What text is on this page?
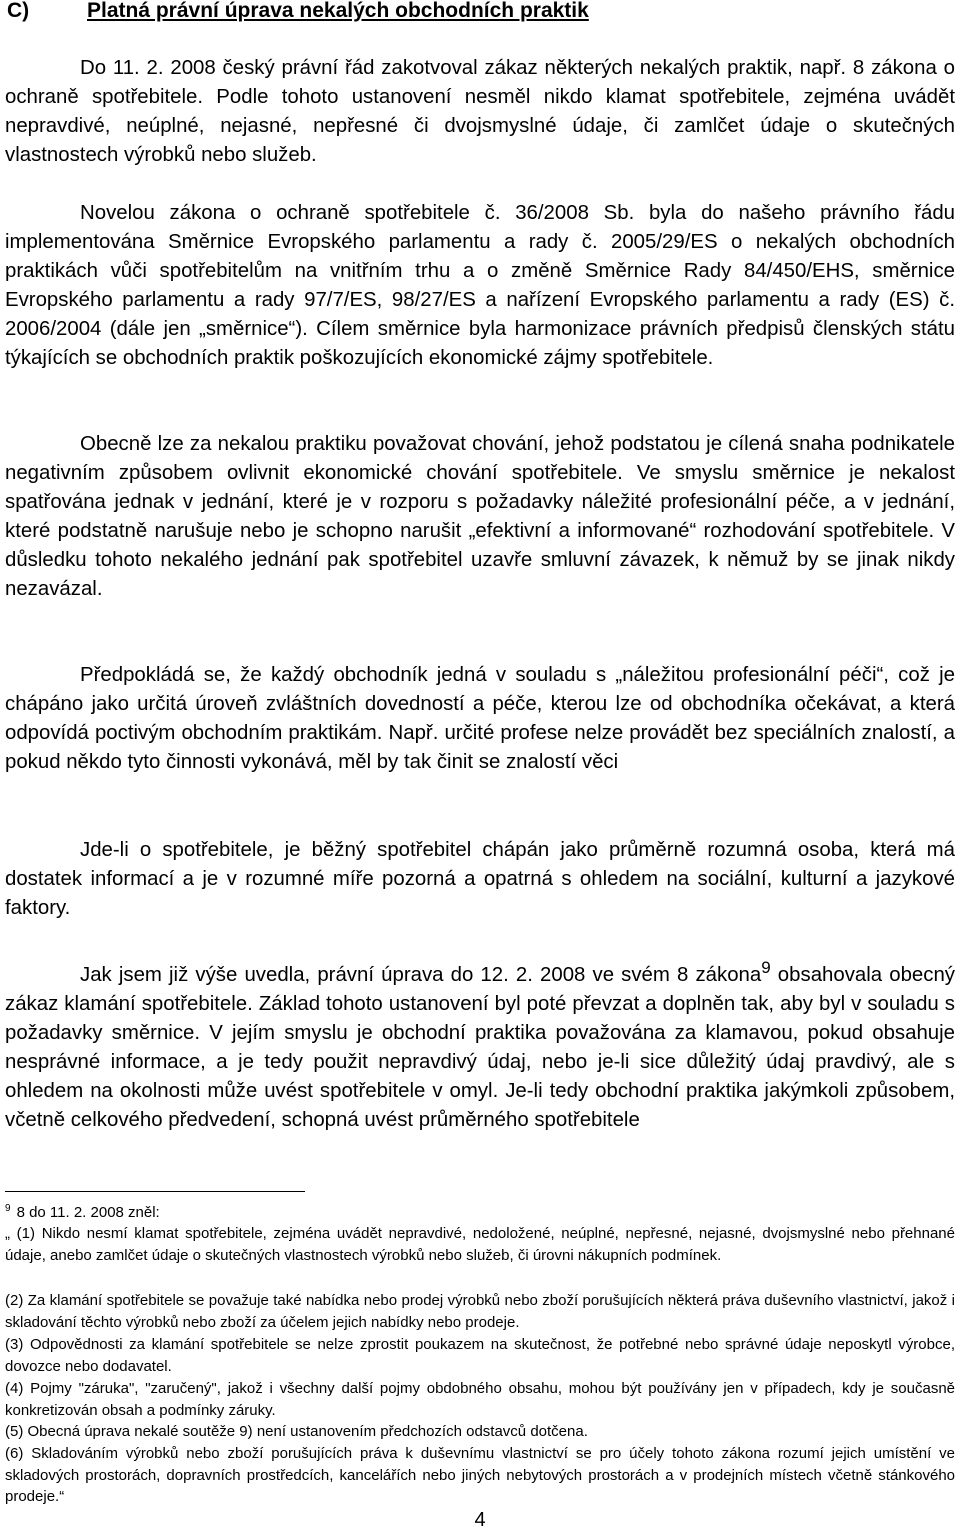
C)	Platná právní úprava nekalých obchodních praktik

Do 11. 2. 2008 český právní řád zakotvoval zákaz některých nekalých praktik, např. 8 zákona o ochraně spotřebitele. Podle tohoto ustanovení nesměl nikdo klamat spotřebitele, zejména uvádět nepravdivé, neúplné, nejasné, nepřesné či dvojsmyslné údaje, či zamlčet údaje o skutečných vlastnostech výrobků nebo služeb.

Novelou zákona o ochraně spotřebitele č. 36/2008 Sb. byla do našeho právního řádu implementována Směrnice Evropského parlamentu a rady č. 2005/29/ES o nekalých obchodních praktikách vůči spotřebitelům na vnitřním trhu a o změně Směrnice Rady 84/450/EHS, směrnice Evropského parlamentu a rady 97/7/ES, 98/27/ES a nařízení Evropského parlamentu a rady (ES) č. 2006/2004 (dále jen „směrnice“). Cílem směrnice byla harmonizace právních předpisů členských státu týkajících se obchodních praktik poškozujících ekonomické zájmy spotřebitele.

Obecně lze za nekalou praktiku považovat chování, jehož podstatou je cílená snaha podnikatele negativním způsobem ovlivnit ekonomické chování spotřebitele. Ve smyslu směrnice je nekalost spatřována jednak v jednání, které je v rozporu s požadavky náležité profesionální péče, a v jednání, které podstatně narušuje nebo je schopno narušit „efektivní a informované“ rozhodování spotřebitele. V důsledku tohoto nekalého jednání pak spotřebitel uzavře smluvní závazek, k němuž by se jinak nikdy nezavázal.

Předpokládá se, že každý obchodník jedná v souladu s „náležitou profesionální péči“, což je chápáno jako určitá úroveň zvláštních dovedností a péče, kterou lze od obchodníka očekávat, a která odpovídá poctivým obchodním praktikám. Např. určité profese nelze provádět bez speciálních znalostí, a pokud někdo tyto činnosti vykonává, měl by tak činit se znalostí věci

Jde-li o spotřebitele, je běžný spotřebitel chápán jako průměrně rozumná osoba, která má dostatek informací a je v rozumné míře pozorná a opatrná s ohledem na sociální, kulturní a jazykové faktory.

Jak jsem již výše uvedla, právní úprava do 12. 2. 2008 ve svém 8 zákona$^9$ obsahovala obecný zákaz klamání spotřebitele. Základ tohoto ustanovení byl poté převzat a doplněn tak, aby byl v souladu s požadavky směrnice. V jejím smyslu je obchodní praktika považována za klamavou, pokud obsahuje nesprávné informace, a je tedy použit nepravdivý údaj, nebo je-li sice důležitý údaj pravdivý, ale s ohledem na okolnosti může uvést spotřebitele v omyl. Je-li tedy obchodní praktika jakýmkoli způsobem, včetně celkového předvedení, schopná uvést průměrného spotřebitele

$^9$ 8 do 11. 2. 2008 zněl:

„ (1) Nikdo nesmí klamat spotřebitele, zejména uvádět nepravdivé, nedoložené, neúplné, nepřesné, nejasné, dvojsmyslné nebo přehnané údaje, anebo zamlčet údaje o skutečných vlastnostech výrobků nebo služeb, či úrovni nákupních podmínek.

(2) Za klamání spotřebitele se považuje také nabídka nebo prodej výrobků nebo zboží porušujících některá práva duševního vlastnictví, jakož i skladování těchto výrobků nebo zboží za účelem jejich nabídky nebo prodeje.

(3) Odpovědnosti za klamání spotřebitele se nelze zprostit poukazem na skutečnost, že potřebné nebo správné údaje neposkytl výrobce, dovozce nebo dodavatel.

(4) Pojmy "záruka", "zaručený", jakož i všechny další pojmy obdobného obsahu, mohou být používány jen v případech, kdy je současně konkretizován obsah a podmínky záruky.

(5) Obecná úprava nekalé soutěže 9) není ustanovením předchozích odstavců dotčena.

(6) Skladováním výrobků nebo zboží porušujících práva k duševnímu vlastnictví se pro účely tohoto zákona rozumí jejich umístění ve skladových prostorách, dopravních prostředcích, kancelářích nebo jiných nebytových prostorách a v prodejních místech včetně stánkového prodeje.“

4
